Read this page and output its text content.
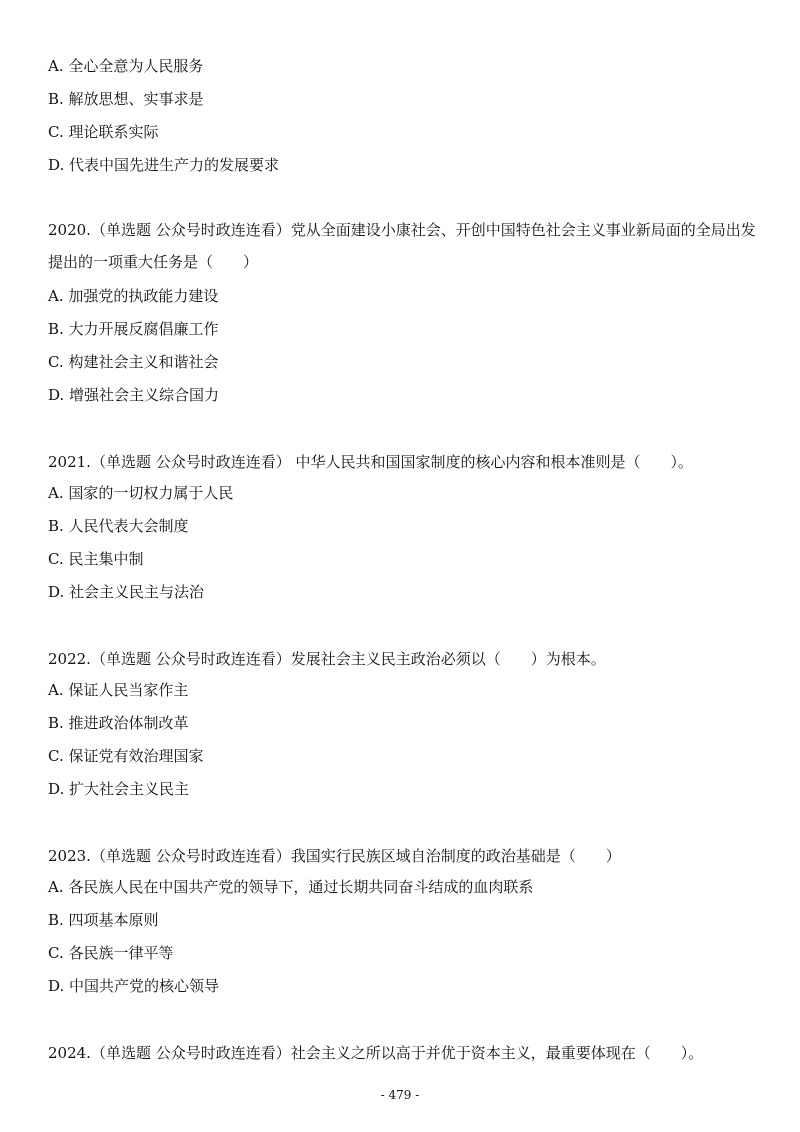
A. 全心全意为人民服务
B. 解放思想、实事求是
C. 理论联系实际
D. 代表中国先进生产力的发展要求
2020.（单选题 公众号时政连连看）党从全面建设小康社会、开创中国特色社会主义事业新局面的全局出发提出的一项重大任务是（　　）
A. 加强党的执政能力建设
B. 大力开展反腐倡廉工作
C. 构建社会主义和谐社会
D. 增强社会主义综合国力
2021.（单选题 公众号时政连连看） 中华人民共和国国家制度的核心内容和根本准则是（　　）。
A. 国家的一切权力属于人民
B. 人民代表大会制度
C. 民主集中制
D. 社会主义民主与法治
2022.（单选题 公众号时政连连看）发展社会主义民主政治必须以（　　）为根本。
A. 保证人民当家作主
B. 推进政治体制改革
C. 保证党有效治理国家
D. 扩大社会主义民主
2023.（单选题 公众号时政连连看）我国实行民族区域自治制度的政治基础是（　　）
A. 各民族人民在中国共产党的领导下，通过长期共同奋斗结成的血肉联系
B. 四项基本原则
C. 各民族一律平等
D. 中国共产党的核心领导
2024.（单选题 公众号时政连连看）社会主义之所以高于并优于资本主义，最重要体现在（　　）。
- 479 -
